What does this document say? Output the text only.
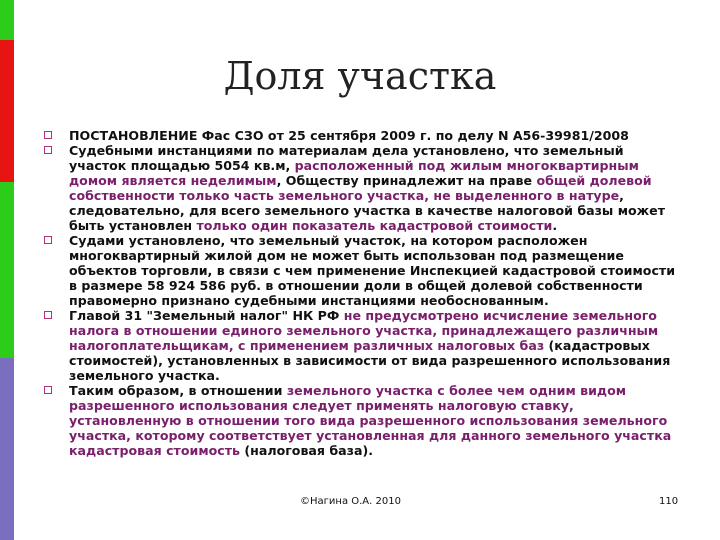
Доля участка
ПОСТАНОВЛЕНИЕ Фас СЗО от 25 сентября 2009 г. по делу N А56-39981/2008
Судебными инстанциями по материалам дела установлено, что земельный участок площадью 5054 кв.м, расположенный под жилым многоквартирным домом является неделимым, Обществу принадлежит на праве общей долевой собственности только часть земельного участка, не выделенного в натуре, следовательно, для всего земельного участка в качестве налоговой базы может быть установлен только один показатель кадастровой стоимости.
Судами установлено, что земельный участок, на котором расположен многоквартирный жилой дом не может быть использован под размещение объектов торговли, в связи с чем применение Инспекцией кадастровой стоимости в размере 58 924 586 руб. в отношении доли в общей долевой собственности правомерно признано судебными инстанциями необоснованным.
Главой 31 "Земельный налог" НК РФ не предусмотрено исчисление земельного налога в отношении единого земельного участка, принадлежащего различным налогоплательщикам, с применением различных налоговых баз (кадастровых стоимостей), установленных в зависимости от вида разрешенного использования земельного участка.
Таким образом, в отношении земельного участка с более чем одним видом разрешенного использования следует применять налоговую ставку, установленную в отношении того вида разрешенного использования земельного участка, которому соответствует установленная для данного земельного участка кадастровая стоимость (налоговая база).
©Нагина О.А. 2010	110
